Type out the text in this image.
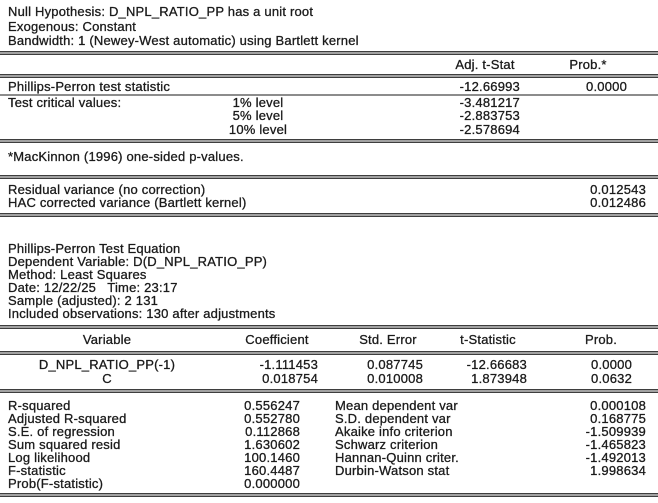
Null Hypothesis: D_NPL_RATIO_PP has a unit root
Exogenous: Constant
Bandwidth: 1 (Newey-West automatic) using Bartlett kernel
Adj. t-Stat	Prob.*
Phillips-Perron test statistic	-12.66993	0.0000
Test critical values:	1% level	-3.481217
5% level	-2.883753
10% level	-2.578694
*MacKinnon (1996) one-sided p-values.
Residual variance (no correction)	0.012543
HAC corrected variance (Bartlett kernel)	0.012486
Phillips-Perron Test Equation
Dependent Variable: D(D_NPL_RATIO_PP)
Method: Least Squares
Date: 12/22/25   Time: 23:17
Sample (adjusted): 2 131
Included observations: 130 after adjustments
Variable	Coefficient	Std. Error	t-Statistic	Prob.
D_NPL_RATIO_PP(-1)	-1.111453	0.087745	-12.66683	0.0000
C	0.018754	0.010008	1.873948	0.0632
R-squared	0.556247	Mean dependent var	0.000108
Adjusted R-squared	0.552780	S.D. dependent var	0.168775
S.E. of regression	0.112868	Akaike info criterion	-1.509939
Sum squared resid	1.630602	Schwarz criterion	-1.465823
Log likelihood	100.1460	Hannan-Quinn criter.	-1.492013
F-statistic	160.4487	Durbin-Watson stat	1.998634
Prob(F-statistic)	0.000000
